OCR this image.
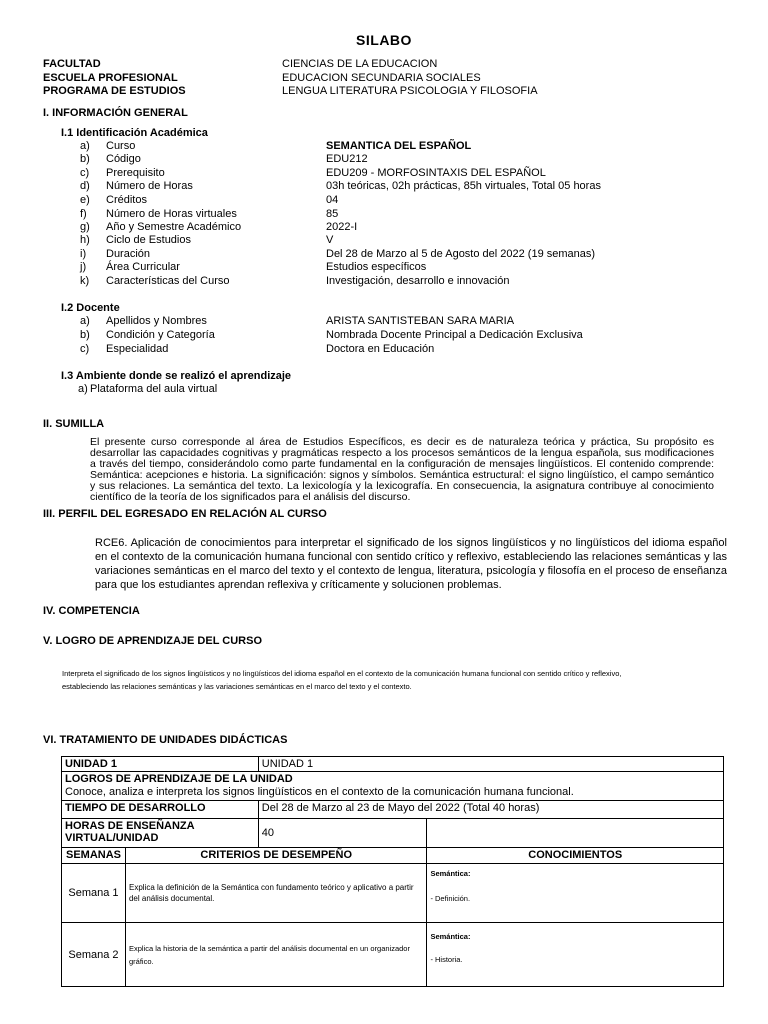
SILABO
FACULTAD	CIENCIAS DE LA EDUCACION
ESCUELA PROFESIONAL	EDUCACION SECUNDARIA SOCIALES
PROGRAMA DE ESTUDIOS	LENGUA LITERATURA PSICOLOGIA Y FILOSOFIA
I. INFORMACIÓN GENERAL
I.1 Identificación Académica
a) Curso	SEMANTICA DEL ESPAÑOL
b) Código	EDU212
c) Prerequisito	EDU209 - MORFOSINTAXIS DEL ESPAÑOL
d) Número de Horas	03h teóricas, 02h prácticas, 85h virtuales, Total 05 horas
e) Créditos	04
f) Número de Horas virtuales	85
g) Año y Semestre Académico	2022-I
h) Ciclo de Estudios	V
i) Duración	Del 28 de Marzo al 5 de Agosto del 2022 (19 semanas)
j) Área Curricular	Estudios específicos
k) Características del Curso	Investigación, desarrollo e innovación
I.2 Docente
a) Apellidos y Nombres	ARISTA SANTISTEBAN SARA MARIA
b) Condición y Categoría	Nombrada Docente Principal a Dedicación Exclusiva
c) Especialidad	Doctora en Educación
I.3 Ambiente donde se realizó el aprendizaje
a) Plataforma del aula virtual
II. SUMILLA
El presente curso corresponde al área de Estudios Específicos, es decir es de naturaleza teórica y práctica, Su propósito es desarrollar las capacidades cognitivas y pragmáticas respecto a los procesos semánticos de la lengua española, sus modificaciones a través del tiempo, considerándolo como parte fundamental en la configuración de mensajes lingüísticos. El contenido comprende: Semántica: acepciones e historia. La significación: signos y símbolos. Semántica estructural: el signo lingüístico, el campo semántico y sus relaciones. La semántica del texto. La lexicología y la lexicografía. En consecuencia, la asignatura contribuye al conocimiento científico de la teoría de los significados para el análisis del discurso.
III. PERFIL DEL EGRESADO EN RELACIÓN AL CURSO
RCE6. Aplicación de conocimientos para interpretar el significado de los signos lingüísticos y no lingüísticos del idioma español en el contexto de la comunicación humana funcional con sentido crítico y reflexivo, estableciendo las relaciones semánticas y las variaciones semánticas en el marco del texto y el contexto de lengua, literatura, psicología y filosofía en el proceso de enseñanza para que los estudiantes aprendan reflexiva y críticamente y solucionen problemas.
IV. COMPETENCIA
V. LOGRO DE APRENDIZAJE DEL CURSO
Interpreta el significado de los signos lingüísticos y no lingüísticos del idioma español en el contexto de la comunicación humana funcional con sentido crítico y reflexivo,
estableciendo las relaciones semánticas y las variaciones semánticas en el marco del texto y el contexto.
VI. TRATAMIENTO DE UNIDADES DIDÁCTICAS
UNIDAD 1		UNIDAD 1	

LOGROS DE APRENDIZAJE DE LA UNIDAD
Conoce, analiza e interpreta los signos lingüísticos en el contexto de la comunicación humana funcional.			

TIEMPO DE DESARROLLO		Del 28 de Marzo al 23 de Mayo del 2022 (Total 40 horas)	

HORAS DE ENSEÑANZA
VIRTUAL/UNIDAD		40	
SEMANAS	CRITERIOS DE DESEMPEÑO		CONOCIMIENTOS
Semana 1	Explica la definición de la Semántica con fundamento teórico y aplicativo a partir del análisis documental.		Semántica:
- Definición.

Semana 2	Explica la historia de la semántica a partir del análisis documental en un organizador gráfico.		Semántica:
- Historia.
